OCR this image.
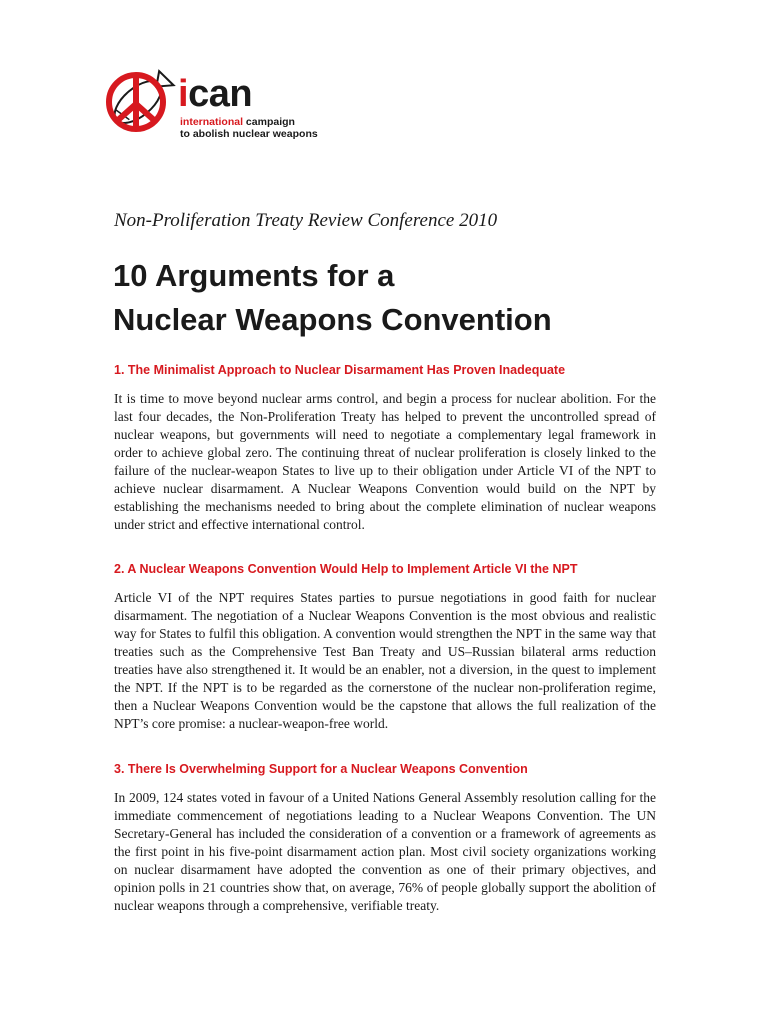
ican
international campaign
to abolish nuclear weapons
Non-Proliferation Treaty Review Conference 2010
10 Arguments for a
Nuclear Weapons Convention
1. The Minimalist Approach to Nuclear Disarmament Has Proven Inadequate

It is time to move beyond nuclear arms control, and begin a process for nuclear abolition. For the last four decades, the Non-Proliferation Treaty has helped to prevent the uncontrolled spread of nuclear weapons, but governments will need to negotiate a complementary legal framework in order to achieve global zero. The continuing threat of nuclear proliferation is closely linked to the failure of the nuclear-weapon States to live up to their obligation under Article VI of the NPT to achieve nuclear disarmament. A Nuclear Weapons Convention would build on the NPT by establishing the mechanisms needed to bring about the complete elimination of nuclear weapons under strict and effective international control.

2. A Nuclear Weapons Convention Would Help to Implement Article VI the NPT

Article VI of the NPT requires States parties to pursue negotiations in good faith for nuclear disarmament. The negotiation of a Nuclear Weapons Convention is the most obvious and realistic way for States to fulfil this obligation. A convention would strengthen the NPT in the same way that treaties such as the Comprehensive Test Ban Treaty and US–Russian bilateral arms reduction treaties have also strengthened it. It would be an enabler, not a diversion, in the quest to implement the NPT. If the NPT is to be regarded as the cornerstone of the nuclear non-proliferation regime, then a Nuclear Weapons Convention would be the capstone that allows the full realization of the NPT’s core promise: a nuclear-weapon-free world.

3. There Is Overwhelming Support for a Nuclear Weapons Convention

In 2009, 124 states voted in favour of a United Nations General Assembly resolution calling for the immediate commencement of negotiations leading to a Nuclear Weapons Convention. The UN Secretary-General has included the consideration of a convention or a framework of agreements as the first point in his five-point disarmament action plan. Most civil society organizations working on nuclear disarmament have adopted the convention as one of their primary objectives, and opinion polls in 21 countries show that, on average, 76% of people globally support the abolition of nuclear weapons through a comprehensive, verifiable treaty.
